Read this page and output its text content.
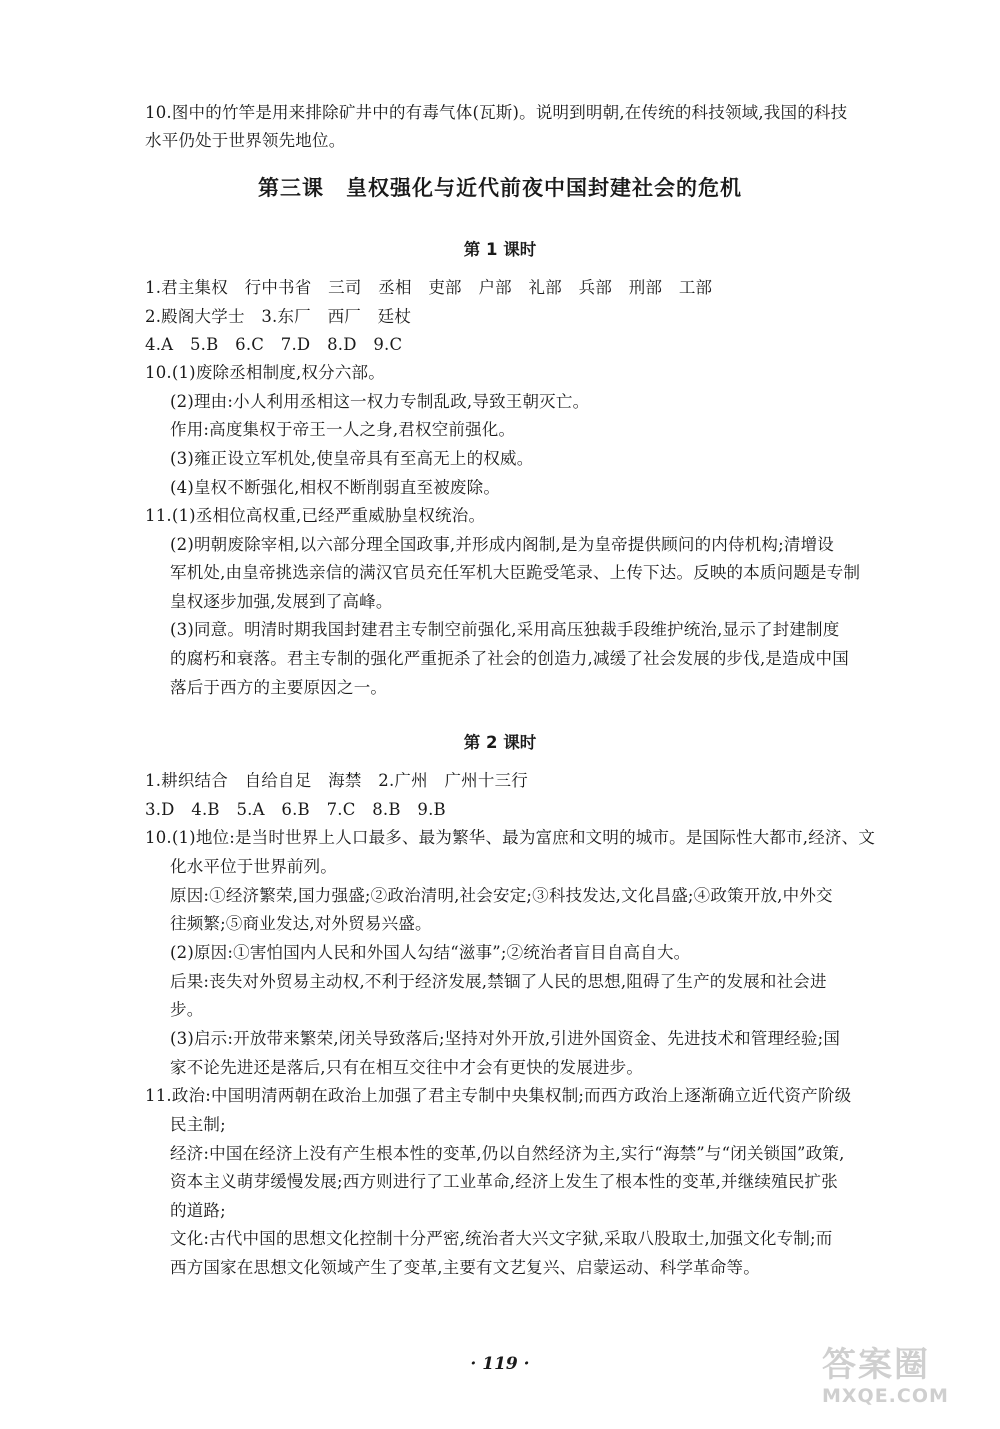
10.图中的竹竿是用来排除矿井中的有毒气体(瓦斯)。说明到明朝,在传统的科技领域,我国的科技
水平仍处于世界领先地位。
第三课　皇权强化与近代前夜中国封建社会的危机
第 1 课时
1.君主集权　行中书省　三司　丞相　吏部　户部　礼部　兵部　刑部　工部
2.殿阁大学士　3.东厂　西厂　廷杖
4.A　5.B　6.C　7.D　8.D　9.C
10.(1)废除丞相制度,权分六部。
(2)理由:小人利用丞相这一权力专制乱政,导致王朝灭亡。
作用:高度集权于帝王一人之身,君权空前强化。
(3)雍正设立军机处,使皇帝具有至高无上的权威。
(4)皇权不断强化,相权不断削弱直至被废除。
11.(1)丞相位高权重,已经严重威胁皇权统治。
(2)明朝废除宰相,以六部分理全国政事,并形成内阁制,是为皇帝提供顾问的内侍机构;清增设
军机处,由皇帝挑选亲信的满汉官员充任军机大臣跪受笔录、上传下达。反映的本质问题是专制
皇权逐步加强,发展到了高峰。
(3)同意。明清时期我国封建君主专制空前强化,采用高压独裁手段维护统治,显示了封建制度
的腐朽和衰落。君主专制的强化严重扼杀了社会的创造力,减缓了社会发展的步伐,是造成中国
落后于西方的主要原因之一。
第 2 课时
1.耕织结合　自给自足　海禁　2.广州　广州十三行
3.D　4.B　5.A　6.B　7.C　8.B　9.B
10.(1)地位:是当时世界上人口最多、最为繁华、最为富庶和文明的城市。是国际性大都市,经济、文
化水平位于世界前列。
原因:①经济繁荣,国力强盛;②政治清明,社会安定;③科技发达,文化昌盛;④政策开放,中外交
往频繁;⑤商业发达,对外贸易兴盛。
(2)原因:①害怕国内人民和外国人勾结“滋事”;②统治者盲目自高自大。
后果:丧失对外贸易主动权,不利于经济发展,禁锢了人民的思想,阻碍了生产的发展和社会进
步。
(3)启示:开放带来繁荣,闭关导致落后;坚持对外开放,引进外国资金、先进技术和管理经验;国
家不论先进还是落后,只有在相互交往中才会有更快的发展进步。
11.政治:中国明清两朝在政治上加强了君主专制中央集权制;而西方政治上逐渐确立近代资产阶级
民主制;
经济:中国在经济上没有产生根本性的变革,仍以自然经济为主,实行“海禁”与“闭关锁国”政策,
资本主义萌芽缓慢发展;西方则进行了工业革命,经济上发生了根本性的变革,并继续殖民扩张
的道路;
文化:古代中国的思想文化控制十分严密,统治者大兴文字狱,采取八股取士,加强文化专制;而
西方国家在思想文化领域产生了变革,主要有文艺复兴、启蒙运动、科学革命等。
· 119 ·	答案圈
MXQE.COM
